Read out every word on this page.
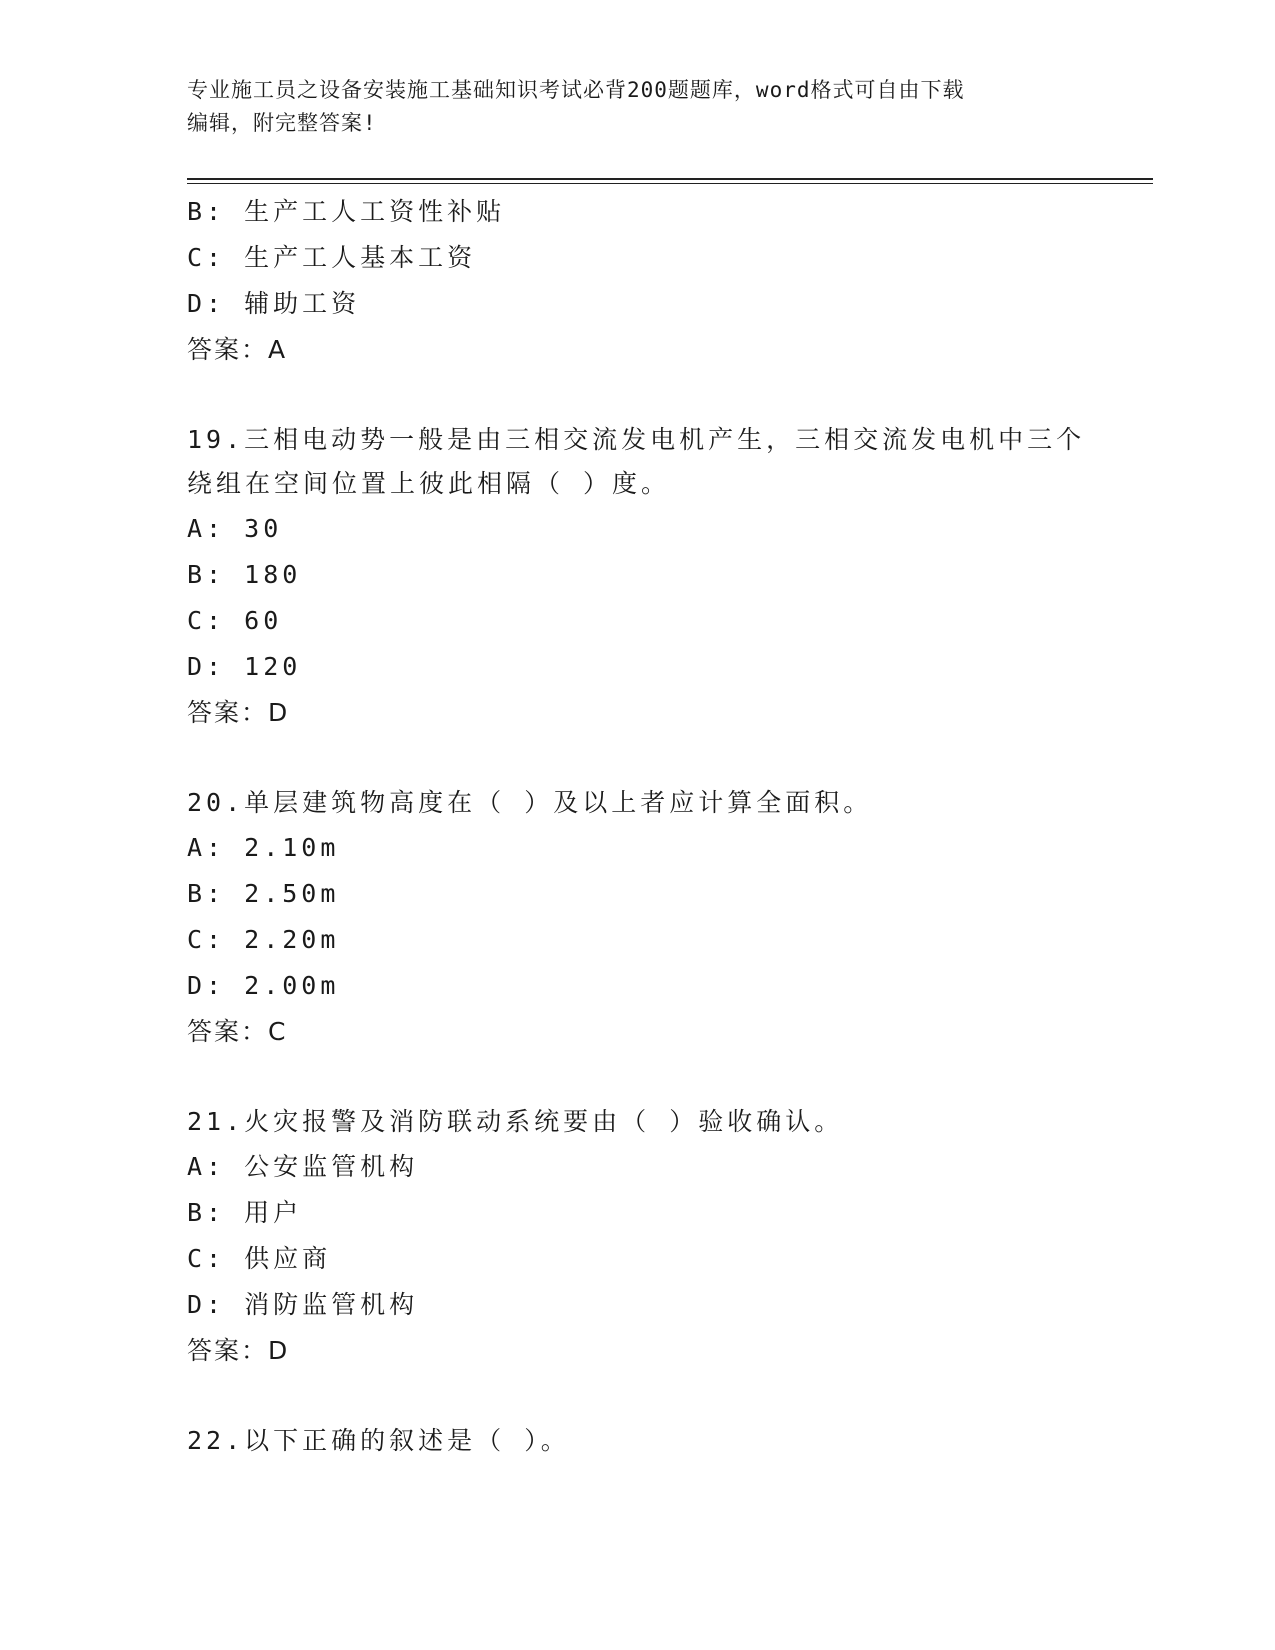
专业施工员之设备安装施工基础知识考试必背200题题库，word格式可自由下载
编辑，附完整答案!
B: 生产工人工资性补贴
C: 生产工人基本工资
D: 辅助工资
答案：A
19.三相电动势一般是由三相交流发电机产生，三相交流发电机中三个
绕组在空间位置上彼此相隔（ ）度。
A: 30
B: 180
C: 60
D: 120
答案：D
20.单层建筑物高度在（ ）及以上者应计算全面积。
A: 2.10m
B: 2.50m
C: 2.20m
D: 2.00m
答案：C
21.火灾报警及消防联动系统要由（ ）验收确认。
A: 公安监管机构
B: 用户
C: 供应商
D: 消防监管机构
答案：D
22.以下正确的叙述是（ ）。
